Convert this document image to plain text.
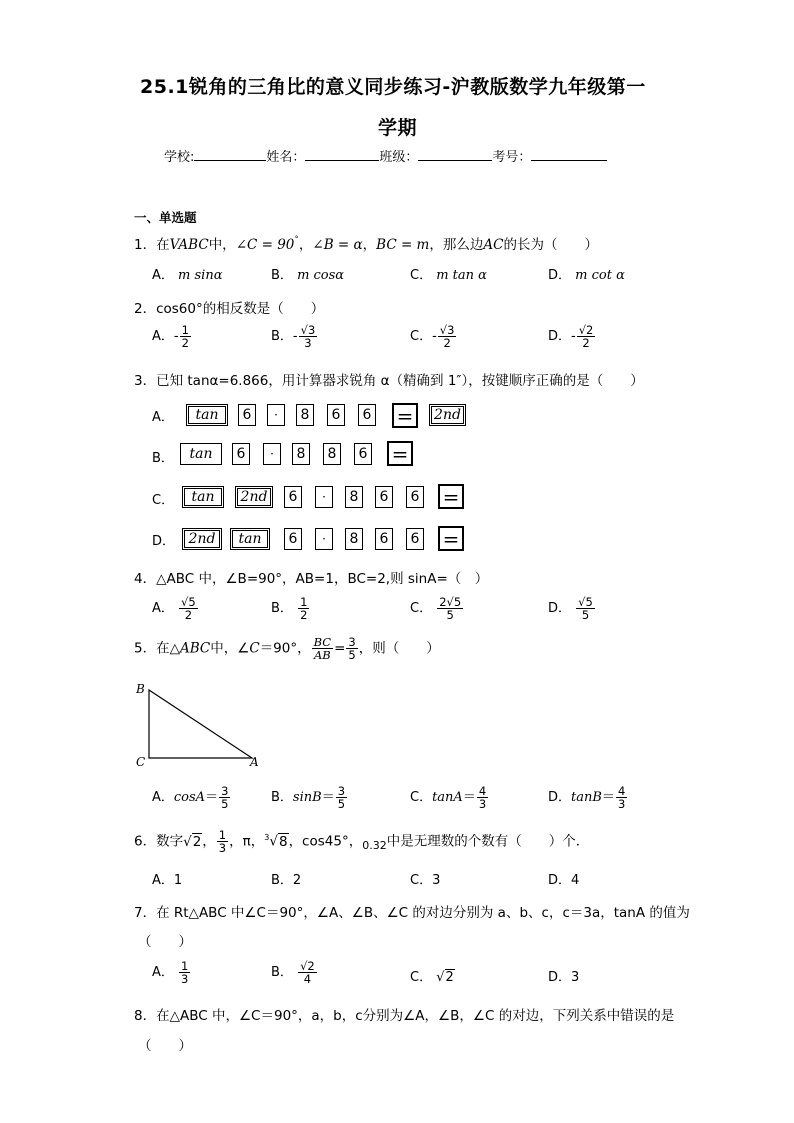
25.1锐角的三角比的意义同步练习-沪教版数学九年级第一
学期
学校:	姓名：	班级：	考号：
一、单选题
1．在VABC中，∠C = 90˚，∠B = α，BC = m，那么边AC的长为（　　）
A． m sinα	B． m cosα	C． m tan α	D． m cot α
2．cos60°的相反数是（　　）
A．- $\frac{1}{2}$	B．- $\frac{√3}{3}$	C．- $\frac{√3}{2}$	D．- $\frac{√2}{2}$
3．已知 tanα=6.866，用计算器求锐角 α（精确到 1″），按键顺序正确的是（　　）
A．	tan	6	·	8	6	6 =	2nd
B．	tan	6	·	8	8	6 =
C．	tan	2nd	6	·	8	6	6 =
D． 2nd	tan	6	·	8	6	6 =
4．△ABC 中，∠B=90°，AB=1，BC=2,则 sinA=（　）
A． $\frac{√5}{2}$	B． $\frac{1}{2}$	C． $\frac{2√5}{5}$	D． $\frac{√5}{5}$
5．在△ABC中，∠C＝90°， $\frac{BC}{AB} = \frac{3}{5}$ ，则（　　）
B
C	A
A．$\cos A= \frac{3}{5}$	B．$\sin B= \frac{3}{5}$	C．$\tan A= \frac{4}{3}$	D．$\tan B= \frac{4}{3}$
6．数字√2， $\frac{1}{3}$ ，π，$^3$√8，cos45°，$_{0.32}$中是无理数的个数有（　　）个．
A．1	B．2	C．3	D．4
7．在 Rt△ABC 中∠C＝90°，∠A、∠B、∠C 的对边分别为 a、b、c，c＝3a，tanA 的值为
（　　）
A． $\frac{1}{3}$	B． $\frac{√2}{4}$	C． √2	D．3
8．在△ABC 中，∠C＝90°，a，b，c分别为∠A，∠B，∠C 的对边，下列关系中错误的是
（　　）
